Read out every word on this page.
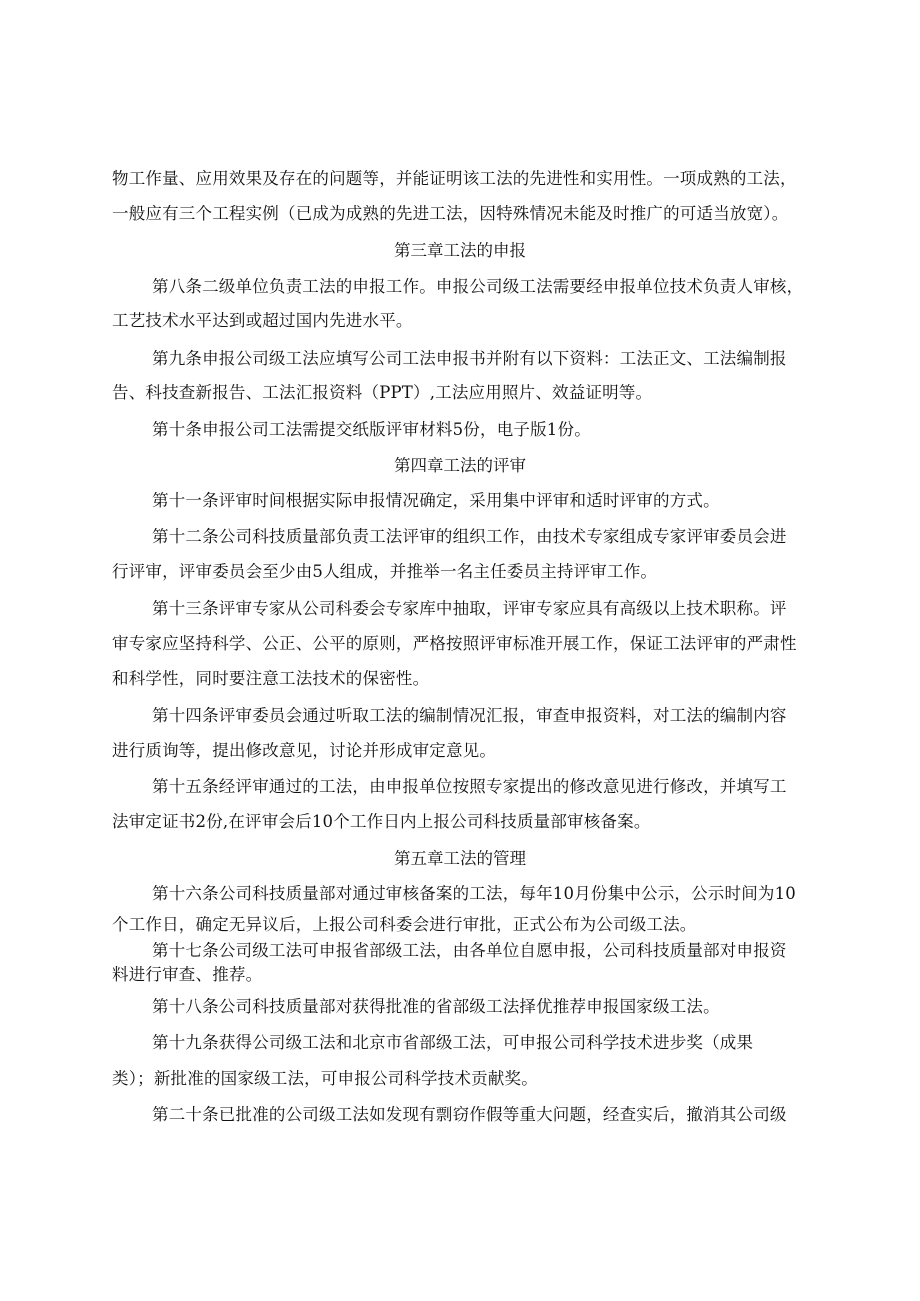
物工作量、应用效果及存在的问题等，并能证明该工法的先进性和实用性。一项成熟的工法，
一般应有三个工程实例（已成为成熟的先进工法，因特殊情况未能及时推广的可适当放宽）。
第三章工法的申报
第八条二级单位负责工法的申报工作。申报公司级工法需要经申报单位技术负责人审核，
工艺技术水平达到或超过国内先进水平。
第九条申报公司级工法应填写公司工法申报书并附有以下资料：工法正文、工法编制报
告、科技查新报告、工法汇报资料（PPT）,工法应用照片、效益证明等。
第十条申报公司工法需提交纸版评审材料5份，电子版1份。
第四章工法的评审
第十一条评审时间根据实际申报情况确定，采用集中评审和适时评审的方式。
第十二条公司科技质量部负责工法评审的组织工作，由技术专家组成专家评审委员会进
行评审，评审委员会至少由5人组成，并推举一名主任委员主持评审工作。
第十三条评审专家从公司科委会专家库中抽取，评审专家应具有高级以上技术职称。评
审专家应坚持科学、公正、公平的原则，严格按照评审标准开展工作，保证工法评审的严肃性
和科学性，同时要注意工法技术的保密性。
第十四条评审委员会通过听取工法的编制情况汇报，审查申报资料，对工法的编制内容
进行质询等，提出修改意见，讨论并形成审定意见。
第十五条经评审通过的工法，由申报单位按照专家提出的修改意见进行修改，并填写工
法审定证书2份,在评审会后10个工作日内上报公司科技质量部审核备案。
第五章工法的管理
第十六条公司科技质量部对通过审核备案的工法，每年10月份集中公示，公示时间为10
个工作日，确定无异议后，上报公司科委会进行审批，正式公布为公司级工法。
第十七条公司级工法可申报省部级工法，由各单位自愿申报，公司科技质量部对申报资
料进行审查、推荐。
第十八条公司科技质量部对获得批准的省部级工法择优推荐申报国家级工法。
第十九条获得公司级工法和北京市省部级工法，可申报公司科学技术进步奖（成果
类）；新批准的国家级工法，可申报公司科学技术贡献奖。
第二十条已批准的公司级工法如发现有剽窃作假等重大问题，经查实后，撤消其公司级
